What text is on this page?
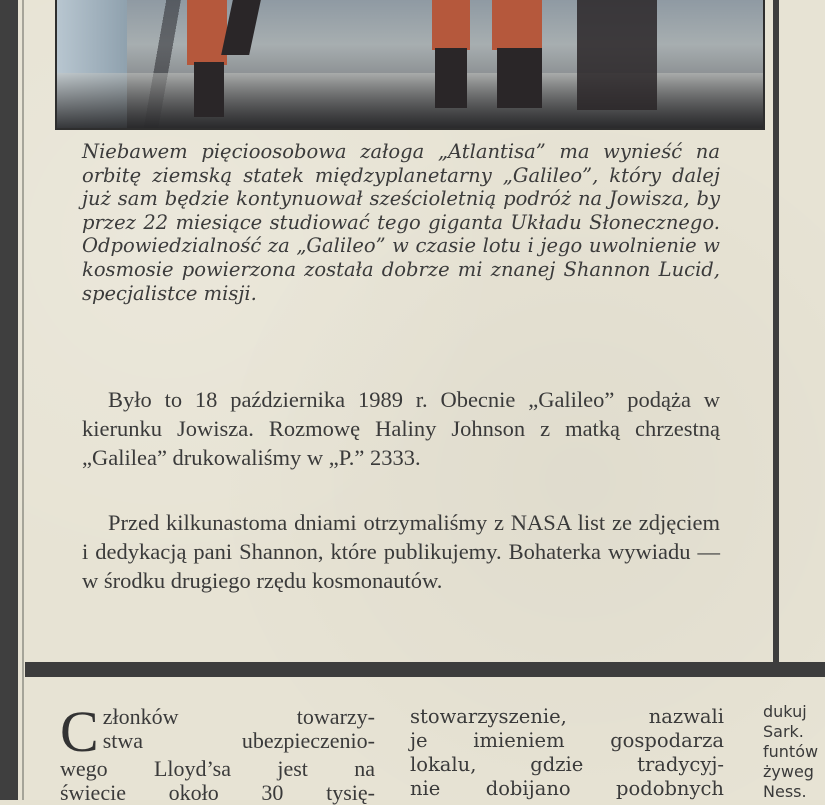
Niebawem pięcioosobowa załoga „Atlantisa” ma wynieść na orbitę ziemską statek międzyplanetarny „Galileo”, który dalej już sam będzie kontynuował sześcioletnią podróż na Jowisza, by przez 22 miesiące studiować tego giganta Układu Słonecznego. Odpowiedzialność za „Galileo” w czasie lotu i jego uwolnienie w kosmosie powierzona została dobrze mi znanej Shannon Lucid, specjalistce misji.

Było to 18 października 1989 r. Obecnie „Galileo” podąża w kierunku Jowisza. Rozmowę Haliny Johnson z matką chrzestną „Galilea” drukowaliśmy w „P.” 2333.
Przed kilkunastoma dniami otrzymaliśmy z NASA list ze zdjęciem i dedykacją pani Shannon, które publikujemy. Bohaterka wywiadu — w środku drugiego rzędu kosmonautów.
C złonków towarzy-
stwa ubezpieczenio-
wego Lloyd’sa jest na
świecie około 30 tysię-
stowarzyszenie, nazwali
je imieniem gospodarza
lokalu, gdzie tradycyj-
nie dobijano podobnych
dukuj
Sark.
funtów
żyweg
Ness.
